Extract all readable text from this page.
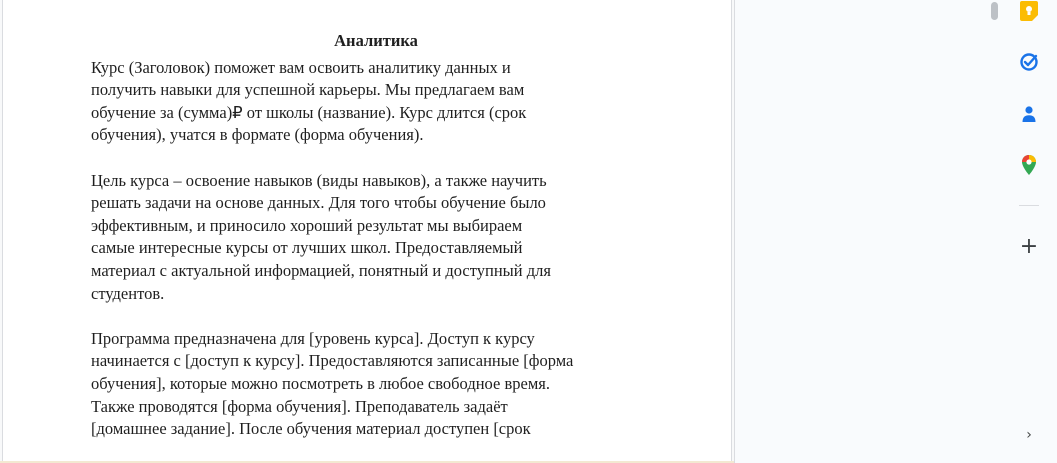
Аналитика

Курс (Заголовок) поможет вам освоить аналитику данных и
получить навыки для успешной карьеры. Мы предлагаем вам
обучение за (сумма)₽ от школы (название). Курс длится (срок
обучения), учатся в формате (форма обучения).

Цель курса – освоение навыков (виды навыков), а также научить
решать задачи на основе данных. Для того чтобы обучение было
эффективным, и приносило хороший результат мы выбираем
самые интересные курсы от лучших школ. Предоставляемый
материал с актуальной информацией, понятный и доступный для
студентов.

Программа предназначена для [уровень курса]. Доступ к курсу
начинается с [доступ к курсу]. Предоставляются записанные [форма
обучения], которые можно посмотреть в любое свободное время.
Также проводятся [форма обучения]. Преподаватель задаёт
[домашнее задание]. После обучения материал доступен [срок

+
›
